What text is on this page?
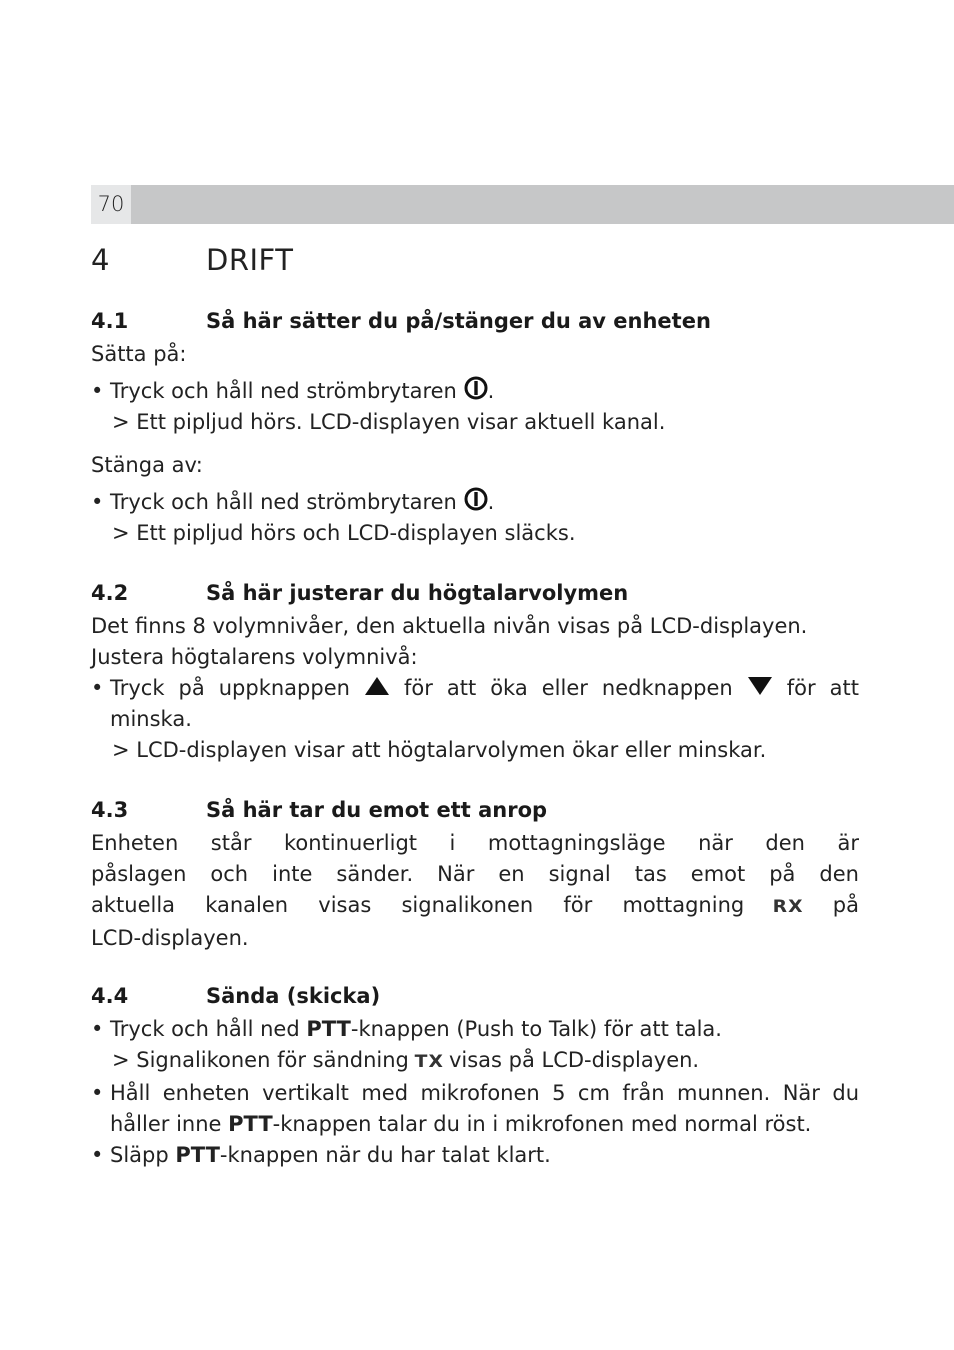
70
4	DRIFT
4.1	Så här sätter du på/stänger du av enheten

Sätta på:

• Tryck och håll ned strömbrytaren .

> Ett pipljud hörs. LCD-displayen visar aktuell kanal.

Stänga av:

• Tryck och håll ned strömbrytaren .

> Ett pipljud hörs och LCD-displayen släcks.

4.2	Så här justerar du högtalarvolymen

Det finns 8 volymnivåer, den aktuella nivån visas på LCD-displayen.

Justera högtalarens volymnivå:

• Tryck på uppknappen	för att öka eller nedknappen	för att

minska.

> LCD-displayen visar att högtalarvolymen ökar eller minskar.

4.3	Så här tar du emot ett anrop

Enheten står kontinuerligt i mottagningsläge när den är

påslagen och inte sänder. När en signal tas emot på den

aktuella kanalen visas signalikonen för mottagning RX på

LCD-displayen.

4.4	Sända (skicka)
• Tryck och håll ned PTT-knappen (Push to Talk) för att tala.
> Signalikonen för sändning TX visas på LCD-displayen.
• Håll enheten vertikalt med mikrofonen 5 cm från munnen. När du
håller inne PTT-knappen talar du in i mikrofonen med normal röst.
• Släpp PTT-knappen när du har talat klart.
